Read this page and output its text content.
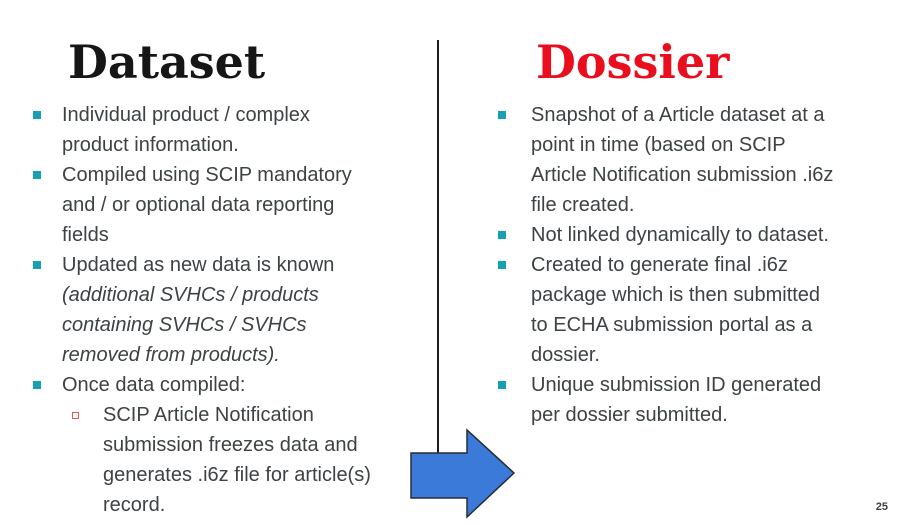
Dataset
Individual product / complex product information.
Compiled using SCIP mandatory and / or optional data reporting fields
Updated as new data is known (additional SVHCs / products containing SVHCs / SVHCs removed from products).
Once data compiled:
SCIP Article Notification submission freezes data and generates .i6z file for article(s) record.
Dossier
Snapshot of a Article dataset at a point in time (based on SCIP Article Notification submission .i6z file created.
Not linked dynamically to dataset.
Created to generate final .i6z package which is then submitted to ECHA submission portal as a dossier.
Unique submission ID generated per dossier submitted.
25
